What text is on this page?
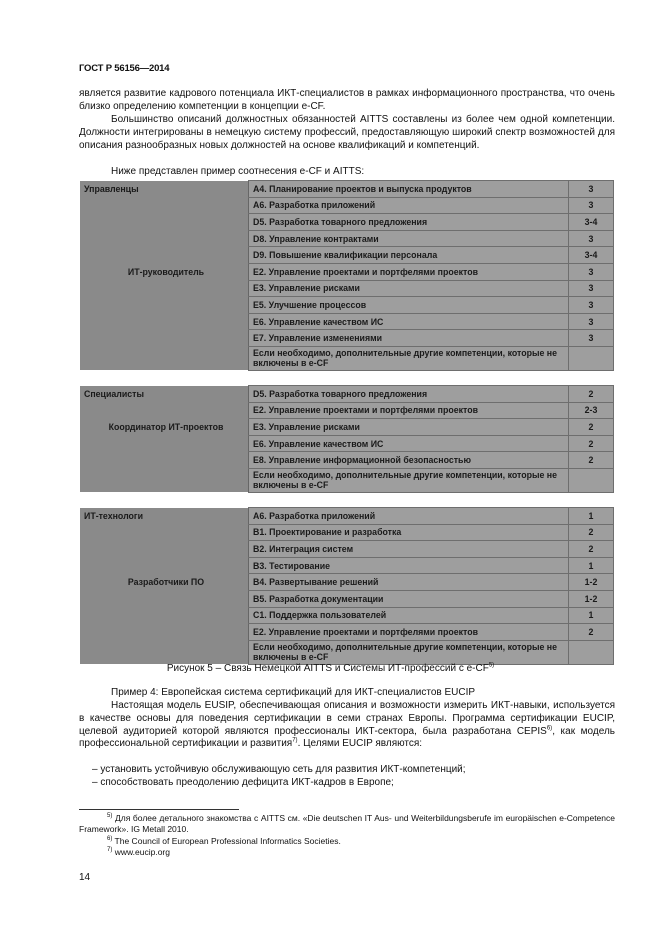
ГОСТ Р 56156—2014
является развитие кадрового потенциала ИКТ-специалистов в рамках информационного пространства, что очень близко определению компетенции в концепции e-CF.
Большинство описаний должностных обязанностей AITTS составлены из более чем одной компетенции. Должности интегрированы в немецкую систему профессий, предоставляющую широкий спектр возможностей для описания разнообразных новых должностей на основе квалификаций и компетенций.
Ниже представлен пример соотнесения e-CF и AITTS:
Управленцы	A4. Планирование проектов и выпуска продуктов	3
	A6. Разработка приложений	3
	D5. Разработка товарного предложения	3-4
	D8. Управление контрактами	3
	D9. Повышение квалификации персонала	3-4
ИТ-руководитель	E2. Управление проектами и портфелями проектов	3
	E3. Управление рисками	3
	E5. Улучшение процессов	3
	E6. Управление качеством ИС	3
	E7. Управление изменениями	3
	Если необходимо, дополнительные другие компетенции, которые не включены в e-CF	
Специалисты	D5. Разработка товарного предложения	2
	E2. Управление проектами и портфелями проектов	2-3
Координатор ИТ-проектов	E3. Управление рисками	2
	E6. Управление качеством ИС	2
	E8. Управление информационной безопасностью	2
	Если необходимо, дополнительные другие компетенции, которые не включены в e-CF	
ИТ-технологи	A6. Разработка приложений	1
	B1. Проектирование и разработка	2
	B2. Интеграция систем	2
	B3. Тестирование	1
Разработчики ПО	B4. Развертывание решений	1-2
	B5. Разработка документации	1-2
	C1. Поддержка пользователей	1
	E2. Управление проектами и портфелями проектов	2
	Если необходимо, дополнительные другие компетенции, которые не включены в e-CF	
Рисунок 5 – Связь Немецкой AITTS и Системы ИТ-профессий с e-CF$^{5)}$
Пример 4: Европейская система сертификаций для ИКТ-специалистов EUCIP
Настоящая модель EUSIP, обеспечивающая описания и возможности измерить ИКТ-навыки, используется в качестве основы для поведения сертификации в семи странах Европы. Программа сертификации EUCIP, целевой аудиторией которой являются профессионалы ИКТ-сектора, была разработана CEPIS$^{6)}$, как модель профессиональной сертификации и развития$^{7)}$. Целями EUCIP являются:
– установить устойчивую обслуживающую сеть для развития ИКТ-компетенций;
– способствовать преодолению дефицита ИКТ-кадров в Европе;
$^{5)}$ Для более детального знакомства с AITTS см. «Die deutschen IT Aus- und Weiterbildungsberufe im europäischen e-Competence Framework». IG Metall 2010.
$^{6)}$ The Council of European Professional Informatics Societies.
$^{7)}$ www.eucip.org
14
